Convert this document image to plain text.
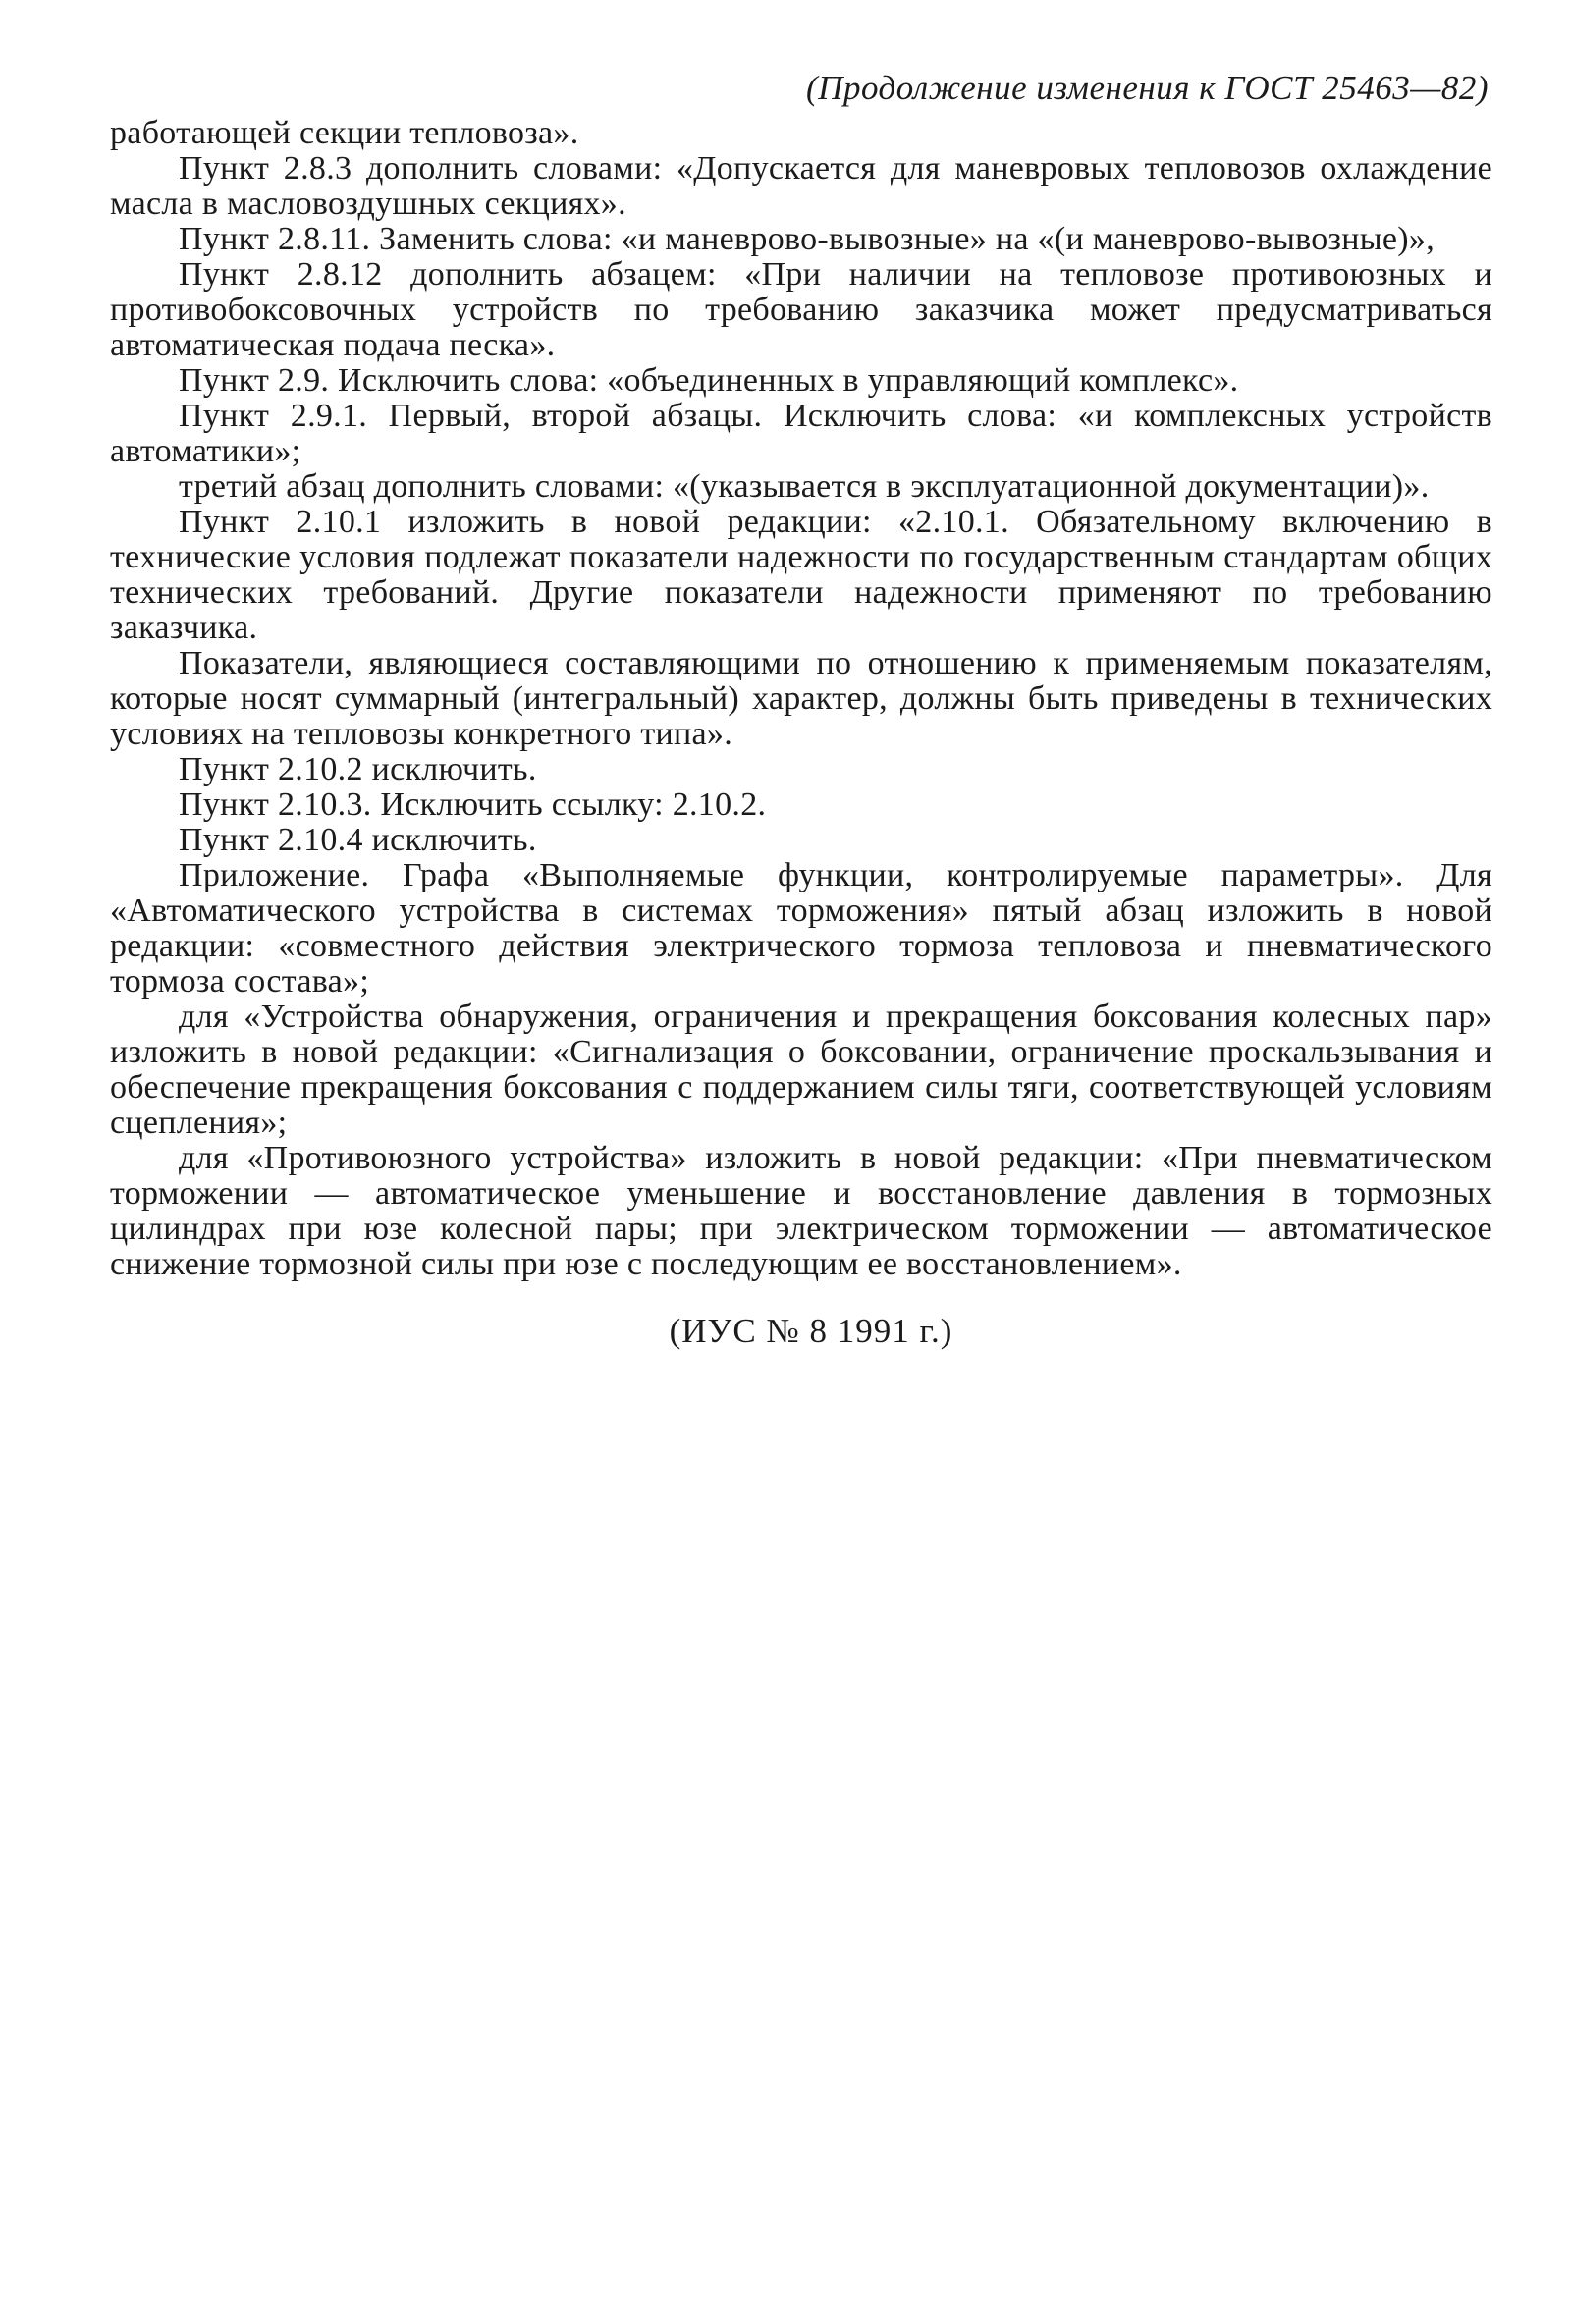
(Продолжение изменения к ГОСТ 25463—82)

работающей секции тепловоза».

Пункт 2.8.3 дополнить словами: «Допускается для маневровых тепловозов охлаждение масла в масловоздушных секциях».

Пункт 2.8.11. Заменить слова: «и маневрово-вывозные» на «(и маневрово-вывозные)»,

Пункт 2.8.12 дополнить абзацем: «При наличии на тепловозе противоюзных и противобоксовочных устройств по требованию заказчика может предусматриваться автоматическая подача песка».

Пункт 2.9. Исключить слова: «объединенных в управляющий комплекс».

Пункт 2.9.1. Первый, второй абзацы. Исключить слова: «и комплексных устройств автоматики»;

третий абзац дополнить словами: «(указывается в эксплуатационной документации)».

Пункт 2.10.1 изложить в новой редакции: «2.10.1. Обязательному включению в технические условия подлежат показатели надежности по государственным стандартам общих технических требований. Другие показатели надежности применяют по требованию заказчика.

Показатели, являющиеся составляющими по отношению к применяемым показателям, которые носят суммарный (интегральный) характер, должны быть приведены в технических условиях на тепловозы конкретного типа».

Пункт 2.10.2 исключить.

Пункт 2.10.3. Исключить ссылку: 2.10.2.

Пункт 2.10.4 исключить.

Приложение. Графа «Выполняемые функции, контролируемые параметры». Для «Автоматического устройства в системах торможения» пятый абзац изложить в новой редакции: «совместного действия электрического тормоза тепловоза и пневматического тормоза состава»;

для «Устройства обнаружения, ограничения и прекращения боксования колесных пар» изложить в новой редакции: «Сигнализация о боксовании, ограничение проскальзывания и обеспечение прекращения боксования с поддержанием силы тяги, соответствующей условиям сцепления»;

для «Противоюзного устройства» изложить в новой редакции: «При пневматическом торможении — автоматическое уменьшение и восстановление давления в тормозных цилиндрах при юзе колесной пары; при электрическом торможении — автоматическое снижение тормозной силы при юзе с последующим ее восстановлением».

(ИУС № 8 1991 г.)
